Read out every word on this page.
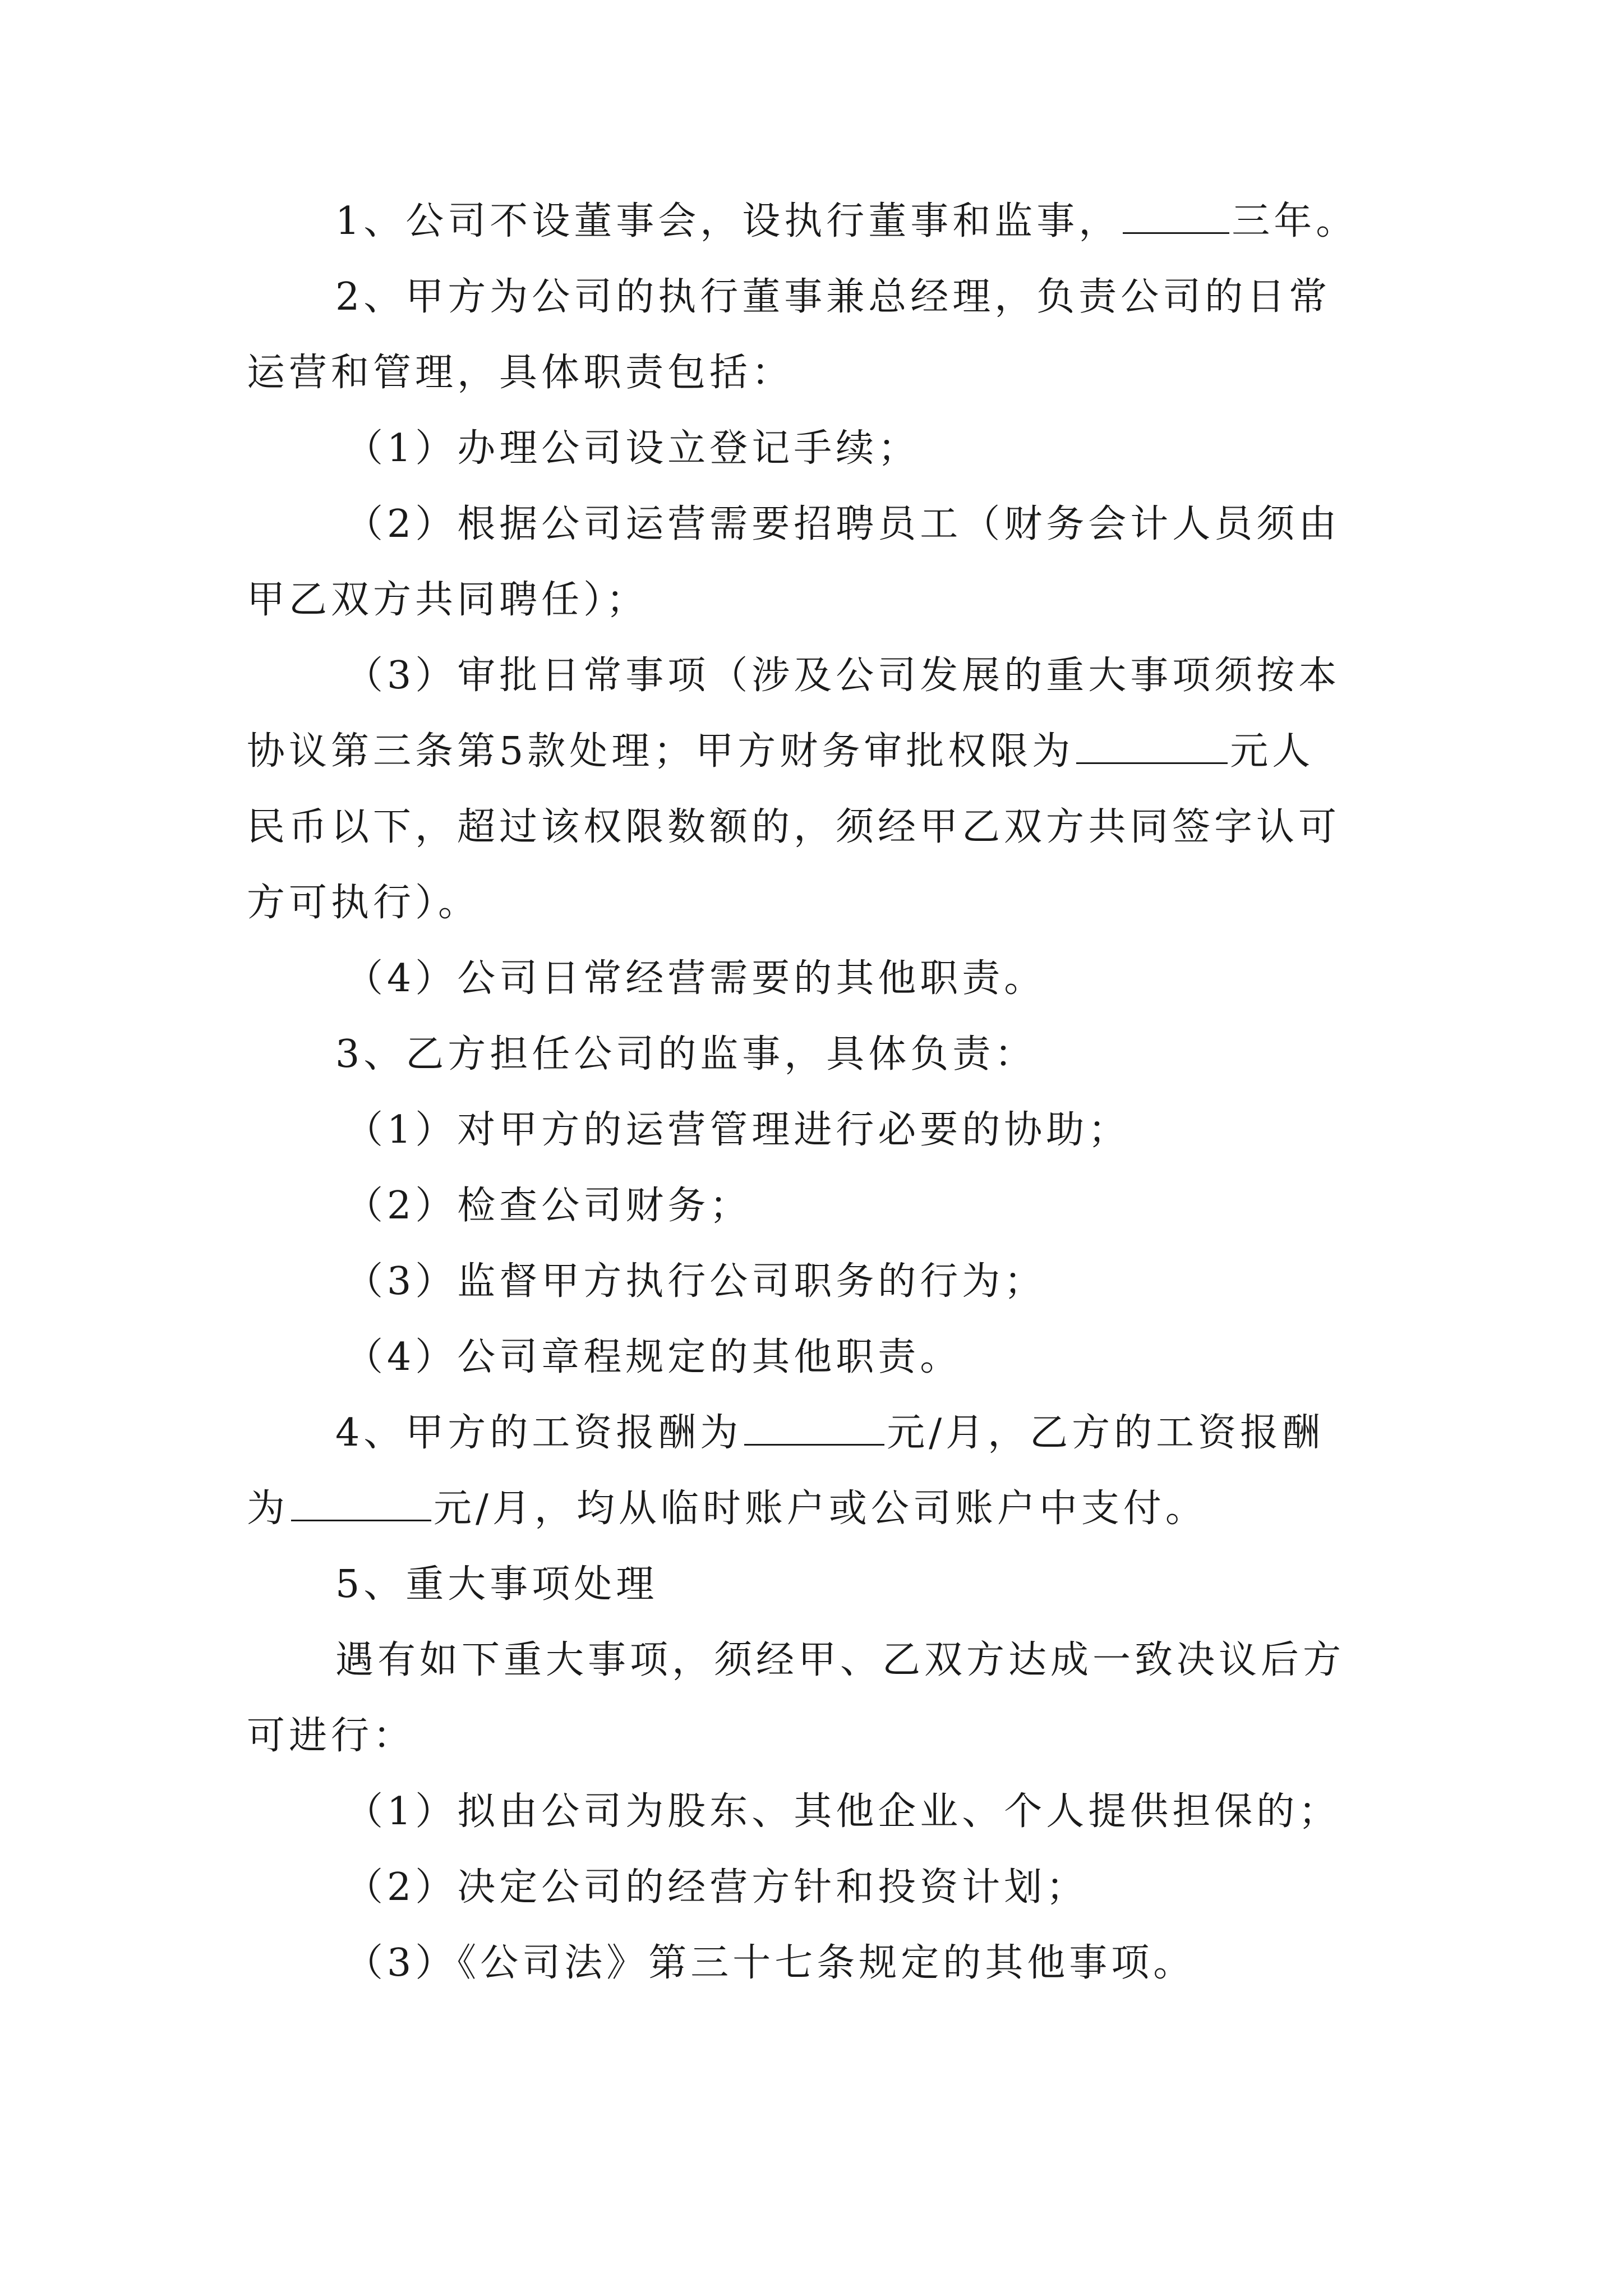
1、公司不设董事会，设执行董事和监事，	三年。
2、甲方为公司的执行董事兼总经理，负责公司的日常
运营和管理，具体职责包括：
（1）办理公司设立登记手续；
（2）根据公司运营需要招聘员工（财务会计人员须由
甲乙双方共同聘任）；
（3）审批日常事项（涉及公司发展的重大事项须按本
协议第三条第5款处理；甲方财务审批权限为	元人
民币以下，超过该权限数额的，须经甲乙双方共同签字认可
方可执行）。
（4）公司日常经营需要的其他职责。
3、乙方担任公司的监事，具体负责：
（1）对甲方的运营管理进行必要的协助；
（2）检查公司财务；
（3）监督甲方执行公司职务的行为；
（4）公司章程规定的其他职责。
4、甲方的工资报酬为	元/月，乙方的工资报酬
为	元/月，均从临时账户或公司账户中支付。
5、重大事项处理
遇有如下重大事项，须经甲、乙双方达成一致决议后方
可进行：
（1）拟由公司为股东、其他企业、个人提供担保的；
（2）决定公司的经营方针和投资计划；
（3）《公司法》第三十七条规定的其他事项。
